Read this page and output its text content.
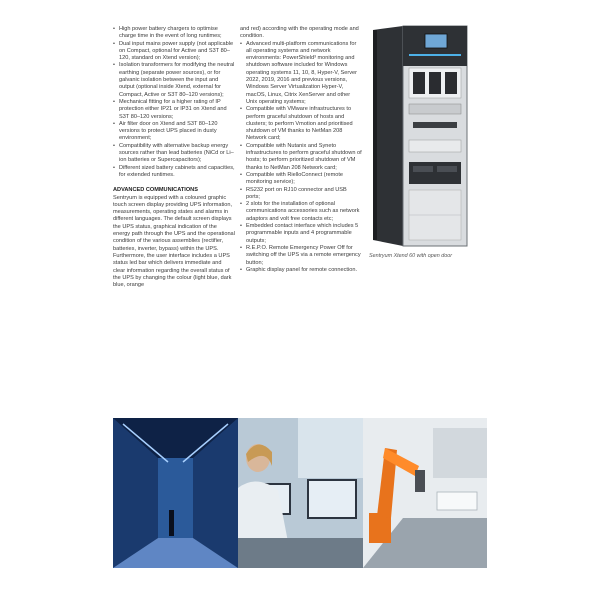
• High power battery chargers to optimise charge time in the event of long runtimes;
• Dual input mains power supply (not applicable on Compact, optional for Active and S3T 80–120, standard on Xtend version);
• Isolation transformers for modifying the neutral earthing (separate power sources), or for galvanic isolation between the input and output (optional inside Xtend, external for Compact, Active or S3T 80–120 versions);
• Mechanical fitting for a higher rating of IP protection either IP21 or IP31 on Xtend and S3T 80–120 versions;
• Air filter door on Xtend and S3T 80–120 versions to protect UPS placed in dusty environment;
• Compatibility with alternative backup energy sources rather than lead batteries (NiCd or Li–ion batteries or Supercapacitors);
• Different sized battery cabinets and capacities, for extended runtimes.
ADVANCED COMMUNICATIONS

Sentryum is equipped with a coloured graphic touch screen display providing UPS information, measurements, operating states and alarms in different languages. The default screen displays the UPS status, graphical indication of the energy path through the UPS and the operational condition of the various assemblies (rectifier, batteries, inverter, bypass) within the UPS.

Furthermore, the user interface includes a UPS status led bar which delivers immediate and clear information regarding the overall status of the UPS by changing the colour (light blue, dark blue, orange

and red) according with the operating mode and condition.

• Advanced multi-platform communications for all operating systems and network environments: PowerShield³ monitoring and shutdown software included for Windows operating systems 11, 10, 8, Hyper-V, Server 2022, 2019, 2016 and previous versions, Windows Server Virtualization Hyper-V, macOS, Linux, Citrix XenServer and other Unix operating systems;
• Compatible with VMware infrastructures to perform graceful shutdown of hosts and clusters; to perform Vmotion and prioritised shutdown of VM thanks to NetMan 208 Network card;
• Compatible with Nutanix and Syneto infrastructures to perform graceful shutdown of hosts; to perform prioritized shutdown of VM thanks to NetMan 208 Network card;
• Compatible with RielloConnect (remote monitoring service);
• RS232 port on RJ10 connector and USB ports;
• 2 slots for the installation of optional communications accessories such as network adaptors and volt free contacts etc;
• Embedded contact interface which includes 5 programmable inputs and 4 programmable outputs;
• R.E.P.O. Remote Emergency Power Off for switching off the UPS via a remote emergency button;
• Graphic display panel for remote connection.
Sentryum Xtend 60 with open door
